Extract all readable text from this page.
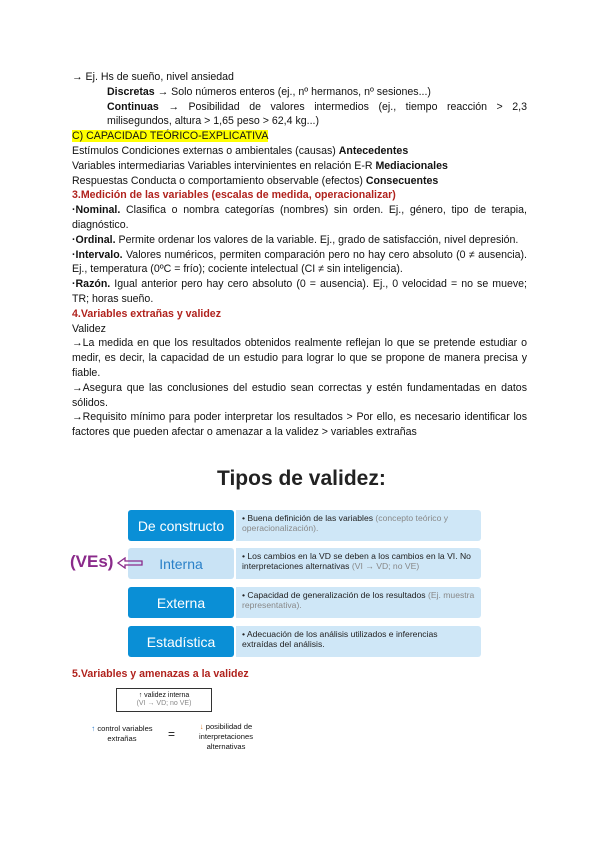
→ Ej. Hs de sueño, nivel ansiedad

Discretas → Solo números enteros (ej., nº hermanos, nº sesiones...)

Continuas → Posibilidad de valores intermedios (ej., tiempo reacción > 2,3 milisegundos, altura > 1,65 peso > 62,4 kg...)

C) CAPACIDAD TEÓRICO-EXPLICATIVA

Estímulos Condiciones externas o ambientales (causas) Antecedentes

Variables intermediarias Variables intervinientes en relación E-R Mediacionales

Respuestas Conducta o comportamiento observable (efectos) Consecuentes

3.Medición de las variables (escalas de medida, operacionalizar)

·Nominal. Clasifica o nombra categorías (nombres) sin orden. Ej., género, tipo de terapia, diagnóstico.

·Ordinal. Permite ordenar los valores de la variable. Ej., grado de satisfacción, nivel depresión.

·Intervalo. Valores numéricos, permiten comparación pero no hay cero absoluto (0 ≠ ausencia). Ej., temperatura (0ºC = frío); cociente intelectual (CI ≠ sin inteligencia).

·Razón. Igual anterior pero hay cero absoluto (0 = ausencia). Ej., 0 velocidad = no se mueve; TR; horas sueño.

4.Variables extrañas y validez

Validez

→La medida en que los resultados obtenidos realmente reflejan lo que se pretende estudiar o medir, es decir, la capacidad de un estudio para lograr lo que se propone de manera precisa y fiable.

→Asegura que las conclusiones del estudio sean correctas y estén fundamentadas en datos sólidos.

→Requisito mínimo para poder interpretar los resultados > Por ello, es necesario identificar los factores que pueden afectar o amenazar a la validez > variables extrañas

Tipos de validez:
De constructo	• Buena definición de las variables (concepto teórico y operacionalización).
Interna	• Los cambios en la VD se deben a los cambios en la VI. No interpretaciones alternativas (VI → VD; no VE)
Externa	• Capacidad de generalización de los resultados (Ej. muestra representativa).
Estadística	• Adecuación de los análisis utilizados e inferencias extraídas del análisis.
(VEs)
5.Variables y amenazas a la validez
↑ validez interna
(VI → VD; no VE)
↑ control variables extrañas	=
↓ posibilidad de interpretaciones alternativas
